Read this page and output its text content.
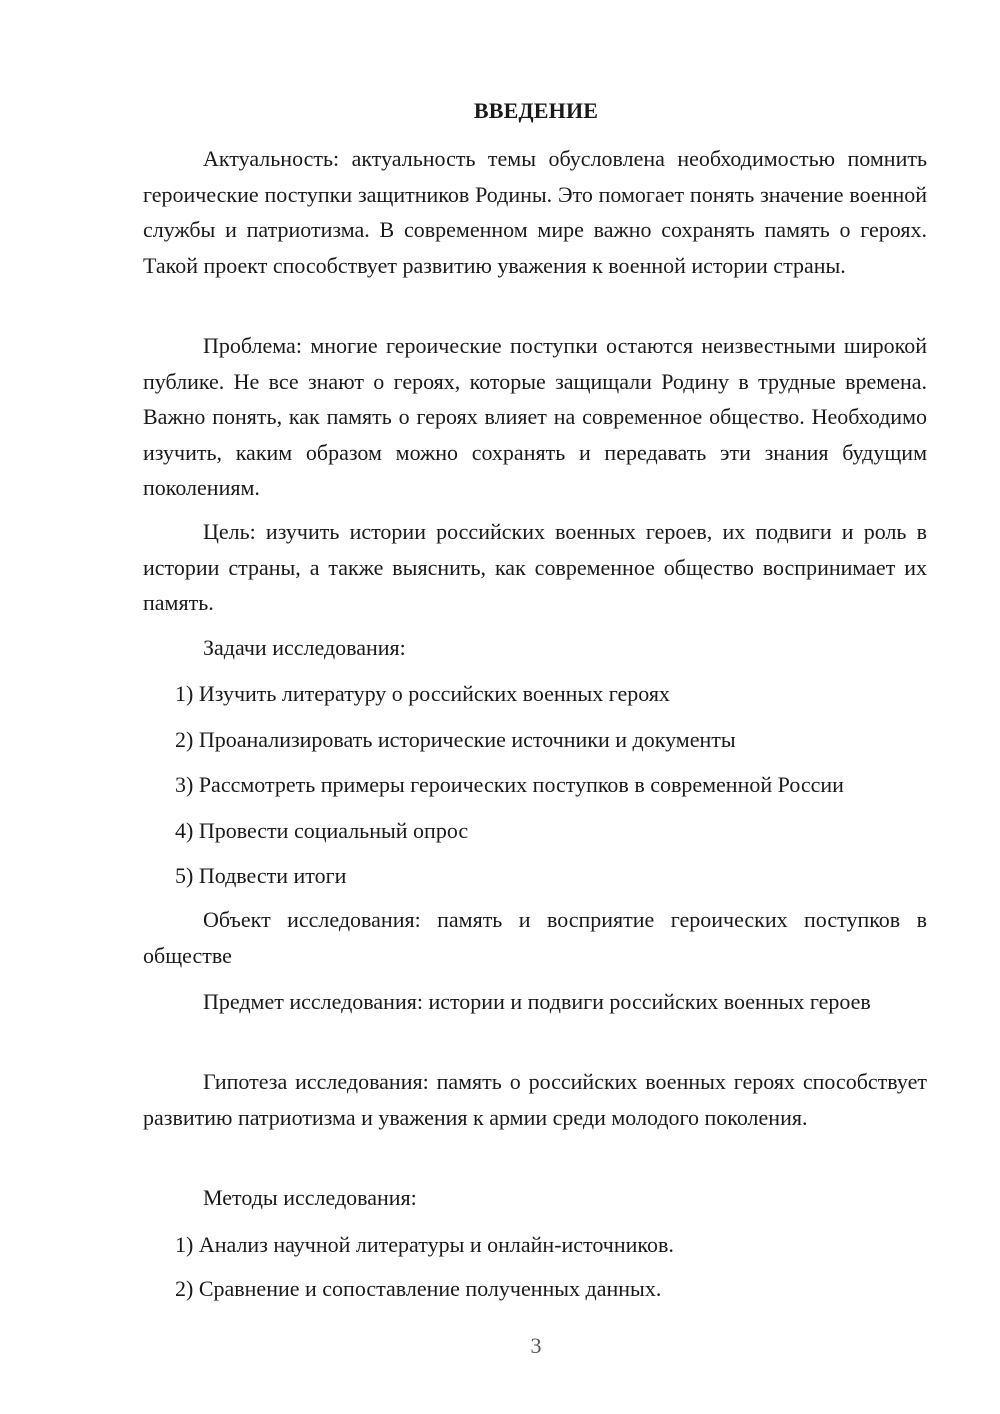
ВВЕДЕНИЕ

Актуальность: актуальность темы обусловлена необходимостью помнить героические поступки защитников Родины. Это помогает понять значение военной службы и патриотизма. В современном мире важно сохранять память о героях. Такой проект способствует развитию уважения к военной истории страны.

Проблема: многие героические поступки остаются неизвестными широкой публике. Не все знают о героях, которые защищали Родину в трудные времена. Важно понять, как память о героях влияет на современное общество. Необходимо изучить, каким образом можно сохранять и передавать эти знания будущим поколениям.

Цель: изучить истории российских военных героев, их подвиги и роль в истории страны, а также выяснить, как современное общество воспринимает их память.

Задачи исследования:

1) Изучить литературу о российских военных героях

2) Проанализировать исторические источники и документы

3) Рассмотреть примеры героических поступков в современной России

4) Провести социальный опрос

5) Подвести итоги

Объект исследования: память и восприятие героических поступков в обществе

Предмет исследования: истории и подвиги российских военных героев

Гипотеза исследования: память о российских военных героях способствует развитию патриотизма и уважения к армии среди молодого поколения.

Методы исследования:

1) Анализ научной литературы и онлайн-источников.

2) Сравнение и сопоставление полученных данных.

3
